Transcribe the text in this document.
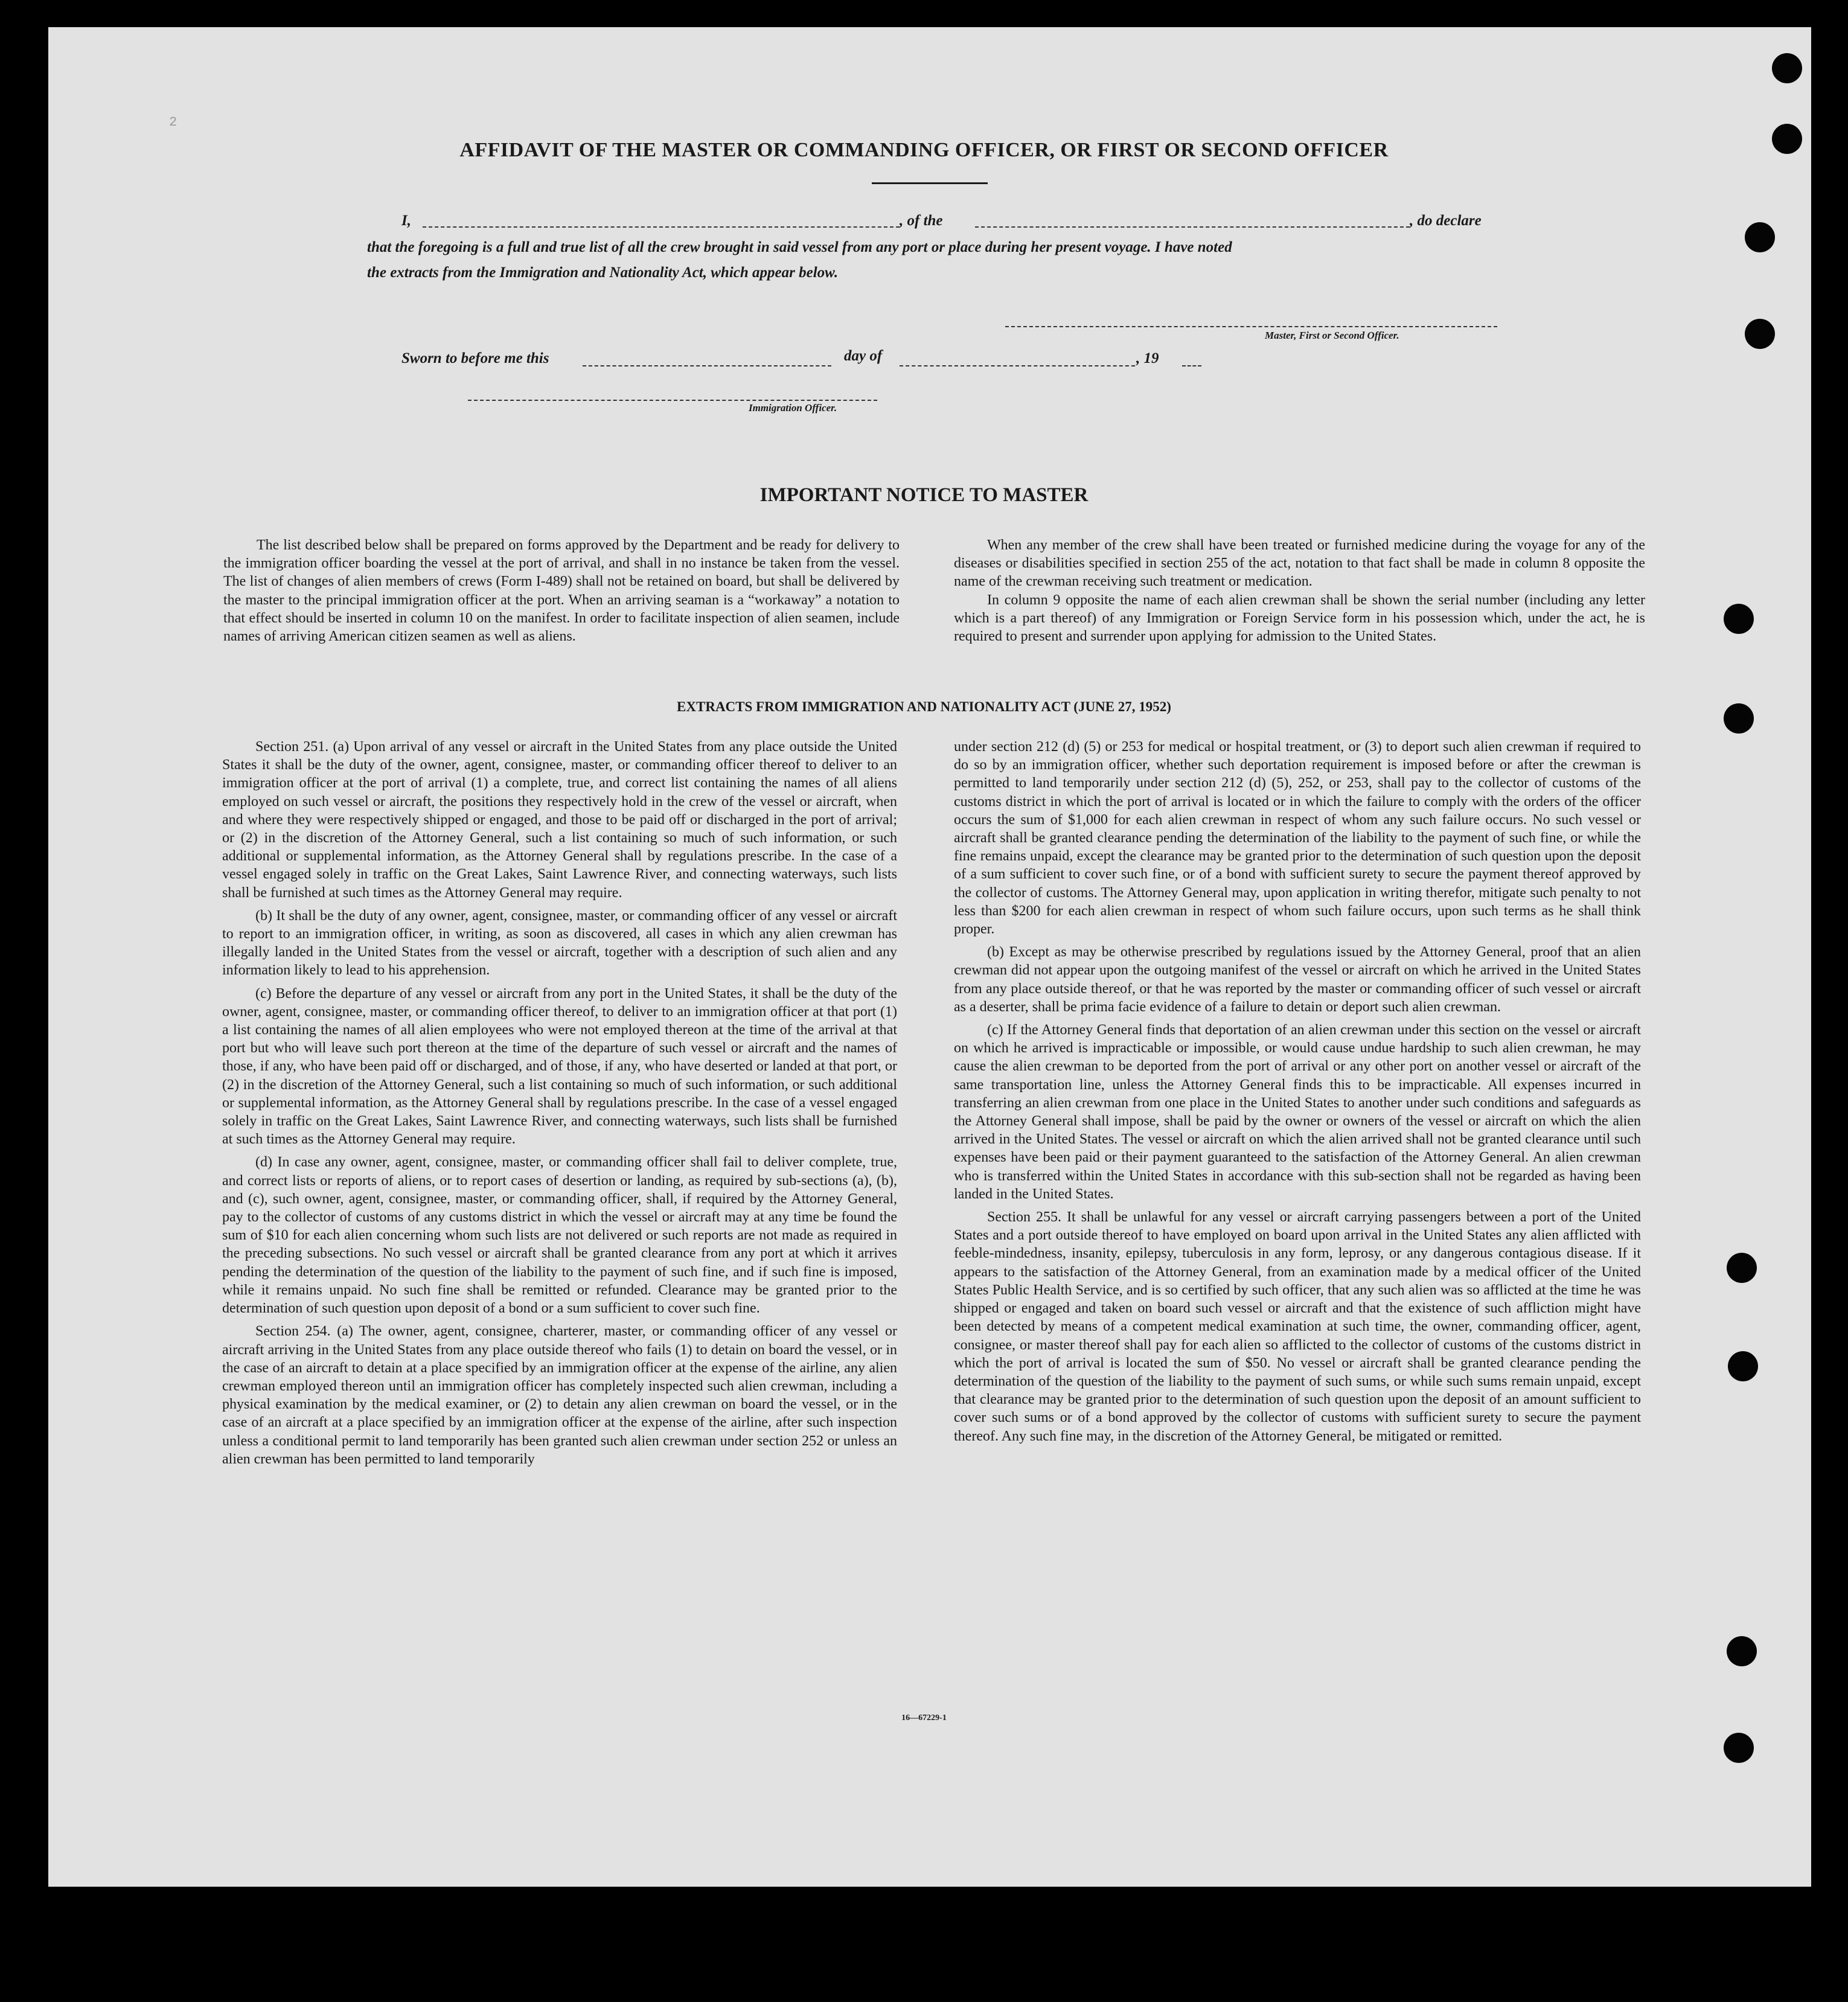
2
AFFIDAVIT OF THE MASTER OR COMMANDING OFFICER, OR FIRST OR SECOND OFFICER
I,	, of the	, do declare
that the foregoing is a full and true list of all the crew brought in said vessel from any port or place during her present voyage. I have noted
the extracts from the Immigration and Nationality Act, which appear below.
Master, First or Second Officer.
Sworn to before me this	day of	, 19
Immigration Officer.
IMPORTANT NOTICE TO MASTER

The list described below shall be prepared on forms approved by the Department and be ready for delivery to the immigration officer boarding the vessel at the port of arrival, and shall in no instance be taken from the vessel. The list of changes of alien members of crews (Form I-489) shall not be retained on board, but shall be delivered by the master to the principal immigration officer at the port. When an arriving seaman is a “workaway” a notation to that effect should be inserted in column 10 on the manifest. In order to facilitate inspection of alien seamen, include names of arriving American citizen seamen as well as aliens.

When any member of the crew shall have been treated or furnished medicine during the voyage for any of the diseases or disabilities specified in section 255 of the act, notation to that fact shall be made in column 8 opposite the name of the crewman receiving such treatment or medication.

In column 9 opposite the name of each alien crewman shall be shown the serial number (including any letter which is a part thereof) of any Immigration or Foreign Service form in his possession which, under the act, he is required to present and surrender upon applying for admission to the United States.

EXTRACTS FROM IMMIGRATION AND NATIONALITY ACT (JUNE 27, 1952)

Section 251. (a) Upon arrival of any vessel or aircraft in the United States from any place outside the United States it shall be the duty of the owner, agent, consignee, master, or commanding officer thereof to deliver to an immigration officer at the port of arrival (1) a complete, true, and correct list containing the names of all aliens employed on such vessel or aircraft, the positions they respectively hold in the crew of the vessel or aircraft, when and where they were respectively shipped or engaged, and those to be paid off or discharged in the port of arrival; or (2) in the discretion of the Attorney General, such a list containing so much of such information, or such additional or supplemental information, as the Attorney General shall by regulations prescribe. In the case of a vessel engaged solely in traffic on the Great Lakes, Saint Lawrence River, and connecting waterways, such lists shall be furnished at such times as the Attorney General may require.

(b) It shall be the duty of any owner, agent, consignee, master, or commanding officer of any vessel or aircraft to report to an immigration officer, in writing, as soon as discovered, all cases in which any alien crewman has illegally landed in the United States from the vessel or aircraft, together with a description of such alien and any information likely to lead to his apprehension.

(c) Before the departure of any vessel or aircraft from any port in the United States, it shall be the duty of the owner, agent, consignee, master, or commanding officer thereof, to deliver to an immigration officer at that port (1) a list containing the names of all alien employees who were not employed thereon at the time of the arrival at that port but who will leave such port thereon at the time of the departure of such vessel or aircraft and the names of those, if any, who have been paid off or discharged, and of those, if any, who have deserted or landed at that port, or (2) in the discretion of the Attorney General, such a list containing so much of such information, or such additional or supplemental information, as the Attorney General shall by regulations prescribe. In the case of a vessel engaged solely in traffic on the Great Lakes, Saint Lawrence River, and connecting waterways, such lists shall be furnished at such times as the Attorney General may require.

(d) In case any owner, agent, consignee, master, or commanding officer shall fail to deliver complete, true, and correct lists or reports of aliens, or to report cases of desertion or landing, as required by sub-sections (a), (b), and (c), such owner, agent, consignee, master, or commanding officer, shall, if required by the Attorney General, pay to the collector of customs of any customs district in which the vessel or aircraft may at any time be found the sum of $10 for each alien concerning whom such lists are not delivered or such reports are not made as required in the preceding subsections. No such vessel or aircraft shall be granted clearance from any port at which it arrives pending the determination of the question of the liability to the payment of such fine, and if such fine is imposed, while it remains unpaid. No such fine shall be remitted or refunded. Clearance may be granted prior to the determination of such question upon deposit of a bond or a sum sufficient to cover such fine.

Section 254. (a) The owner, agent, consignee, charterer, master, or commanding officer of any vessel or aircraft arriving in the United States from any place outside thereof who fails (1) to detain on board the vessel, or in the case of an aircraft to detain at a place specified by an immigration officer at the expense of the airline, any alien crewman employed thereon until an immigration officer has completely inspected such alien crewman, including a physical examination by the medical examiner, or (2) to detain any alien crewman on board the vessel, or in the case of an aircraft at a place specified by an immigration officer at the expense of the airline, after such inspection unless a conditional permit to land temporarily has been granted such alien crewman under section 252 or unless an alien crewman has been permitted to land temporarily

under section 212 (d) (5) or 253 for medical or hospital treatment, or (3) to deport such alien crewman if required to do so by an immigration officer, whether such deportation requirement is imposed before or after the crewman is permitted to land temporarily under section 212 (d) (5), 252, or 253, shall pay to the collector of customs of the customs district in which the port of arrival is located or in which the failure to comply with the orders of the officer occurs the sum of $1,000 for each alien crewman in respect of whom any such failure occurs. No such vessel or aircraft shall be granted clearance pending the determination of the liability to the payment of such fine, or while the fine remains unpaid, except the clearance may be granted prior to the determination of such question upon the deposit of a sum sufficient to cover such fine, or of a bond with sufficient surety to secure the payment thereof approved by the collector of customs. The Attorney General may, upon application in writing therefor, mitigate such penalty to not less than $200 for each alien crewman in respect of whom such failure occurs, upon such terms as he shall think proper.

(b) Except as may be otherwise prescribed by regulations issued by the Attorney General, proof that an alien crewman did not appear upon the outgoing manifest of the vessel or aircraft on which he arrived in the United States from any place outside thereof, or that he was reported by the master or commanding officer of such vessel or aircraft as a deserter, shall be prima facie evidence of a failure to detain or deport such alien crewman.

(c) If the Attorney General finds that deportation of an alien crewman under this section on the vessel or aircraft on which he arrived is impracticable or impossible, or would cause undue hardship to such alien crewman, he may cause the alien crewman to be deported from the port of arrival or any other port on another vessel or aircraft of the same transportation line, unless the Attorney General finds this to be impracticable. All expenses incurred in transferring an alien crewman from one place in the United States to another under such conditions and safeguards as the Attorney General shall impose, shall be paid by the owner or owners of the vessel or aircraft on which the alien arrived in the United States. The vessel or aircraft on which the alien arrived shall not be granted clearance until such expenses have been paid or their payment guaranteed to the satisfaction of the Attorney General. An alien crewman who is transferred within the United States in accordance with this sub-section shall not be regarded as having been landed in the United States.

Section 255. It shall be unlawful for any vessel or aircraft carrying passengers between a port of the United States and a port outside thereof to have employed on board upon arrival in the United States any alien afflicted with feeble-mindedness, insanity, epilepsy, tuberculosis in any form, leprosy, or any dangerous contagious disease. If it appears to the satisfaction of the Attorney General, from an examination made by a medical officer of the United States Public Health Service, and is so certified by such officer, that any such alien was so afflicted at the time he was shipped or engaged and taken on board such vessel or aircraft and that the existence of such affliction might have been detected by means of a competent medical examination at such time, the owner, commanding officer, agent, consignee, or master thereof shall pay for each alien so afflicted to the collector of customs of the customs district in which the port of arrival is located the sum of $50. No vessel or aircraft shall be granted clearance pending the determination of the question of the liability to the payment of such sums, or while such sums remain unpaid, except that clearance may be granted prior to the determination of such question upon the deposit of an amount sufficient to cover such sums or of a bond approved by the collector of customs with sufficient surety to secure the payment thereof. Any such fine may, in the discretion of the Attorney General, be mitigated or remitted.

16—67229-1
